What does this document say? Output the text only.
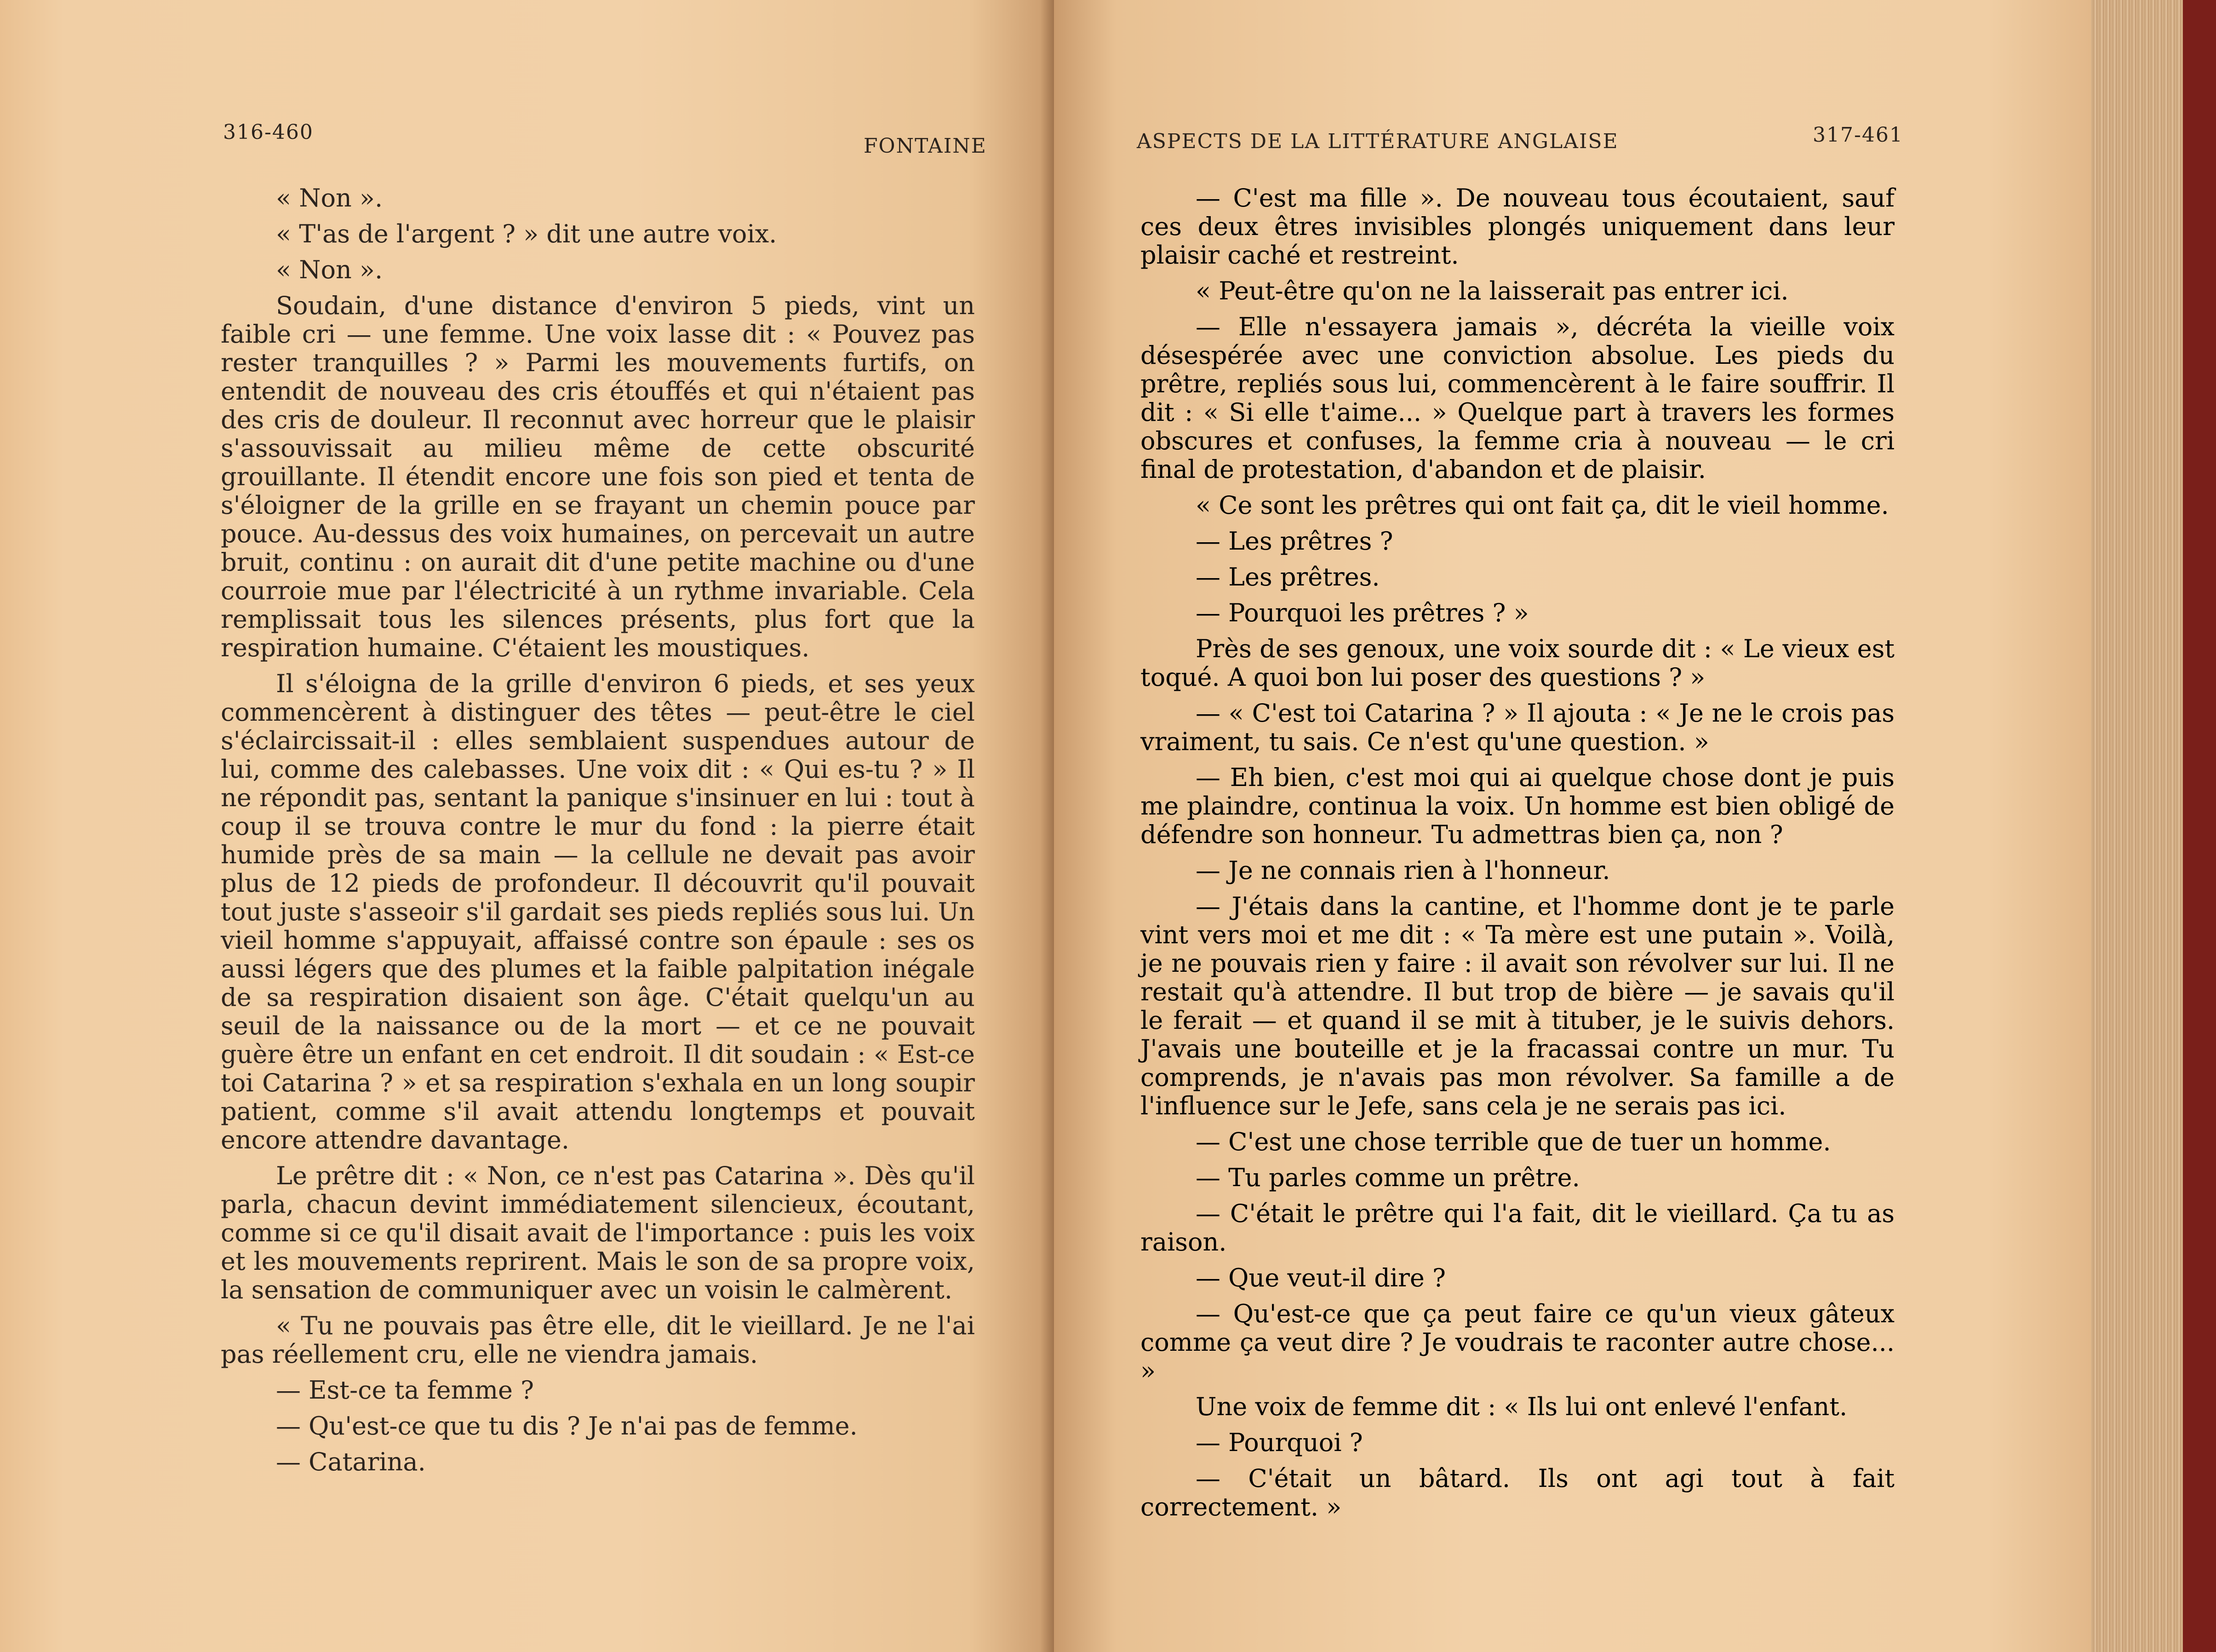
316-460
FONTAINE

« Non ».

« T'as de l'argent ? » dit une autre voix.

« Non ».

Soudain, d'une distance d'environ 5 pieds, vint un faible cri — une femme. Une voix lasse dit : « Pouvez pas rester tranquilles ? » Parmi les mouvements furtifs, on entendit de nouveau des cris étouffés et qui n'étaient pas des cris de douleur. Il reconnut avec horreur que le plaisir s'assouvissait au milieu même de cette obscurité grouillante. Il étendit encore une fois son pied et tenta de s'éloigner de la grille en se frayant un chemin pouce par pouce. Au-dessus des voix humaines, on percevait un autre bruit, continu : on aurait dit d'une petite machine ou d'une courroie mue par l'électricité à un rythme invariable. Cela remplissait tous les silences présents, plus fort que la respiration humaine. C'étaient les moustiques.

Il s'éloigna de la grille d'environ 6 pieds, et ses yeux commencèrent à distinguer des têtes — peut-être le ciel s'éclaircissait-il : elles semblaient suspendues autour de lui, comme des calebasses. Une voix dit : « Qui es-tu ? » Il ne répondit pas, sentant la panique s'insinuer en lui : tout à coup il se trouva contre le mur du fond : la pierre était humide près de sa main — la cellule ne devait pas avoir plus de 12 pieds de profondeur. Il découvrit qu'il pouvait tout juste s'asseoir s'il gardait ses pieds repliés sous lui. Un vieil homme s'appuyait, affaissé contre son épaule : ses os aussi légers que des plumes et la faible palpitation inégale de sa respiration disaient son âge. C'était quelqu'un au seuil de la naissance ou de la mort — et ce ne pouvait guère être un enfant en cet endroit. Il dit soudain : « Est-ce toi Catarina ? » et sa respiration s'exhala en un long soupir patient, comme s'il avait attendu longtemps et pouvait encore attendre davantage.

Le prêtre dit : « Non, ce n'est pas Catarina ». Dès qu'il parla, chacun devint immédiatement silencieux, écoutant, comme si ce qu'il disait avait de l'importance : puis les voix et les mouvements reprirent. Mais le son de sa propre voix, la sensation de communiquer avec un voisin le calmèrent.

« Tu ne pouvais pas être elle, dit le vieillard. Je ne l'ai pas réellement cru, elle ne viendra jamais.

— Est-ce ta femme ?

— Qu'est-ce que tu dis ? Je n'ai pas de femme.

— Catarina.

ASPECTS DE LA LITTÉRATURE ANGLAISE	317-461

— C'est ma fille ». De nouveau tous écoutaient, sauf ces deux êtres invisibles plongés uniquement dans leur plaisir caché et restreint.

« Peut-être qu'on ne la laisserait pas entrer ici.

— Elle n'essayera jamais », décréta la vieille voix désespérée avec une conviction absolue. Les pieds du prêtre, repliés sous lui, commencèrent à le faire souffrir. Il dit : « Si elle t'aime... » Quelque part à travers les formes obscures et confuses, la femme cria à nouveau — le cri final de protestation, d'abandon et de plaisir.

« Ce sont les prêtres qui ont fait ça, dit le vieil homme.

— Les prêtres ?

— Les prêtres.

— Pourquoi les prêtres ? »

Près de ses genoux, une voix sourde dit : « Le vieux est toqué. A quoi bon lui poser des questions ? »

— « C'est toi Catarina ? » Il ajouta : « Je ne le crois pas vraiment, tu sais. Ce n'est qu'une question. »

— Eh bien, c'est moi qui ai quelque chose dont je puis me plaindre, continua la voix. Un homme est bien obligé de défendre son honneur. Tu admettras bien ça, non ?

— Je ne connais rien à l'honneur.

— J'étais dans la cantine, et l'homme dont je te parle vint vers moi et me dit : « Ta mère est une putain ». Voilà, je ne pouvais rien y faire : il avait son révolver sur lui. Il ne restait qu'à attendre. Il but trop de bière — je savais qu'il le ferait — et quand il se mit à tituber, je le suivis dehors. J'avais une bouteille et je la fracassai contre un mur. Tu comprends, je n'avais pas mon révolver. Sa famille a de l'influence sur le Jefe, sans cela je ne serais pas ici.

— C'est une chose terrible que de tuer un homme.

— Tu parles comme un prêtre.

— C'était le prêtre qui l'a fait, dit le vieillard. Ça tu as raison.

— Que veut-il dire ?

— Qu'est-ce que ça peut faire ce qu'un vieux gâteux comme ça veut dire ? Je voudrais te raconter autre chose... »

Une voix de femme dit : « Ils lui ont enlevé l'enfant.

— Pourquoi ?

— C'était un bâtard. Ils ont agi tout à fait correctement. »
